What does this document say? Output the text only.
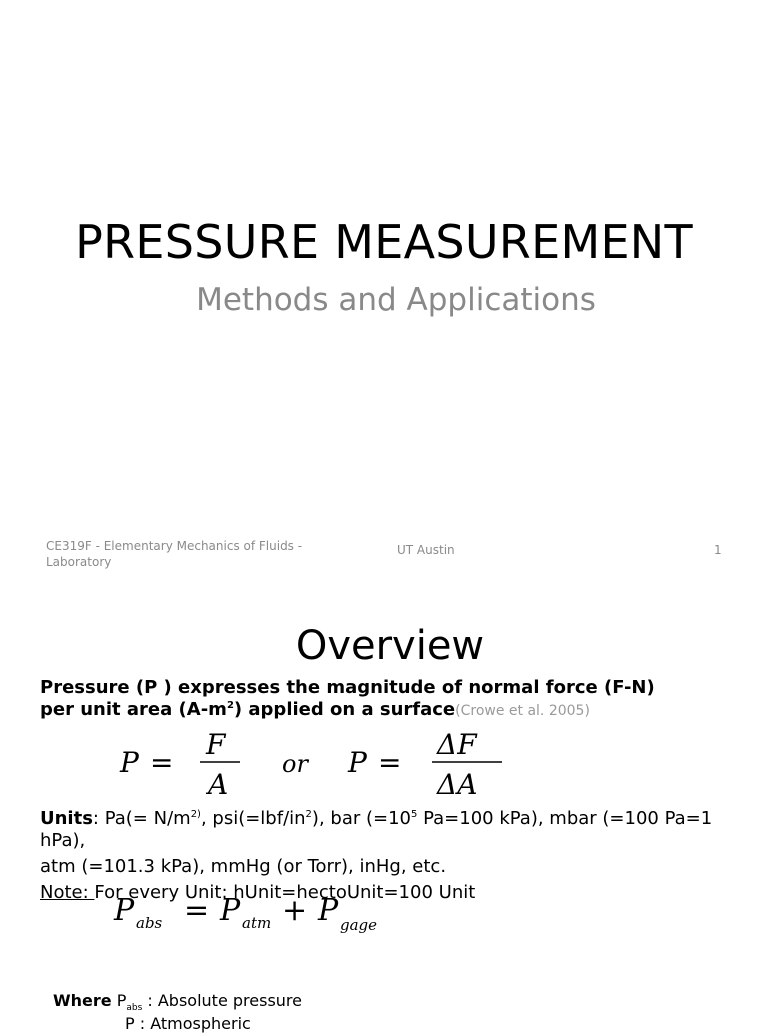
PRESSURE MEASUREMENT
Methods and Applications
CE319F - Elementary Mechanics of Fluids - Laboratory
UT Austin	1
Overview
Pressure (P ) expresses the magnitude of normal force (F-N)
per unit area $(A-m^2)$ applied on a surface(Crowe et al. 2005)
P =
F
A
or P =
ΔF
ΔA
Units: $Pa(= N/m^{2)}$, $psi(=lbf/in^2)$, bar ($=10^5$ Pa=100 kPa), mbar (=100 Pa=1 hPa),
atm (=101.3 kPa), mmHg (or Torr), inHg, etc.
Note: For every Unit: hUnit=hectoUnit=100 Unit
P abs = P atm + P gage
Where $P_{abs}$ : Absolute pressure
P : Atmospheric
